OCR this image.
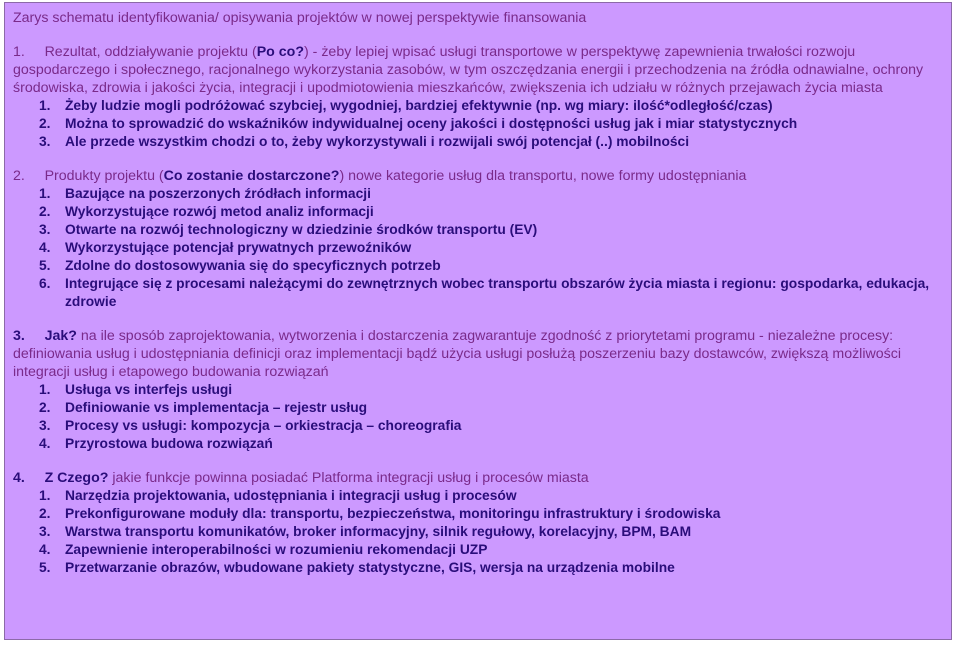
Zarys schematu identyfikowania/ opisywania projektów w nowej perspektywie finansowania
1. Rezultat, oddziaływanie projektu (Po co?) - żeby lepiej wpisać usługi transportowe w perspektywę zapewnienia trwałości rozwoju gospodarczego i społecznego, racjonalnego wykorzystania zasobów, w tym oszczędzania energii i przechodzenia na źródła odnawialne, ochrony środowiska, zdrowia i jakości życia, integracji i upodmiotowienia mieszkańców, zwiększenia ich udziału w różnych przejawach życia miasta
1. Żeby ludzie mogli podróżować szybciej, wygodniej, bardziej efektywnie (np. wg miary: ilość*odległość/czas)
2. Można to sprowadzić do wskaźników indywidualnej oceny jakości i dostępności usług jak i miar statystycznych
3. Ale przede wszystkim chodzi o to, żeby wykorzystywali i rozwijali swój potencjał (..) mobilności
2. Produkty projektu (Co zostanie dostarczone?) nowe kategorie usług dla transportu, nowe formy udostępniania
1. Bazujące na poszerzonych źródłach informacji
2. Wykorzystujące rozwój metod analiz informacji
3. Otwarte na rozwój technologiczny w dziedzinie środków transportu (EV)
4. Wykorzystujące potencjał prywatnych przewoźników
5. Zdolne do dostosowywania się do specyficznych potrzeb
6. Integrujące się z procesami należącymi do zewnętrznych wobec transportu obszarów życia miasta i regionu: gospodarka, edukacja, zdrowie
3. Jak? na ile sposób zaprojektowania, wytworzenia i dostarczenia zagwarantuje zgodność z priorytetami programu - niezależne procesy: definiowania usług i udostępniania definicji oraz implementacji bądź użycia usługi posłużą poszerzeniu bazy dostawców, zwiększą możliwości integracji usług i etapowego budowania rozwiązań
1. Usługa vs interfejs usługi
2. Definiowanie vs implementacja – rejestr usług
3. Procesy vs usługi: kompozycja – orkiestracja – choreografia
4. Przyrostowa budowa rozwiązań
4. Z Czego? jakie funkcje powinna posiadać Platforma integracji usług i procesów miasta
1. Narzędzia projektowania, udostępniania i integracji usług i procesów
2. Prekonfigurowane moduły dla: transportu, bezpieczeństwa, monitoringu infrastruktury i środowiska
3. Warstwa transportu komunikatów, broker informacyjny, silnik regułowy, korelacyjny, BPM, BAM
4. Zapewnienie interoperabilności w rozumieniu rekomendacji UZP
5. Przetwarzanie obrazów, wbudowane pakiety statystyczne, GIS, wersja na urządzenia mobilne
